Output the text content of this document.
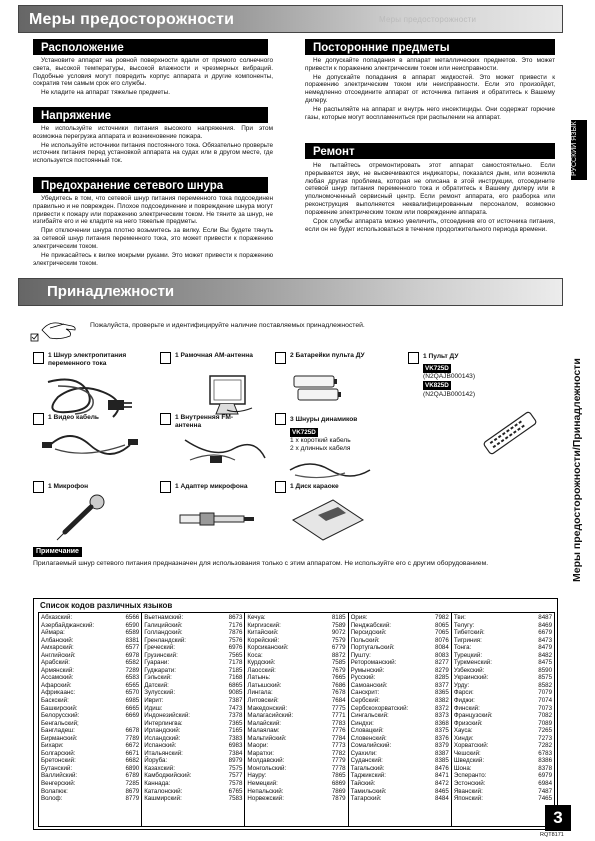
Меры предосторожности	Меры предосторожности
Расположение

Установите аппарат на ровной поверхности вдали от прямого солнечного света, высокой температуры, высокой влажности и чрезмерных вибраций. Подобные условия могут повредить корпус аппарата и другие компоненты, сократив тем самым срок его службы.

Не кладите на аппарат тяжелые предметы.

Напряжение

Не используйте источники питания высокого напряжения. При этом возможна перегрузка аппарата и возникновение пожара.

Не используйте источники питания постоянного тока. Обязательно проверьте источник питания перед установкой аппарата на судах или в другом месте, где используется постоянный ток.

Предохранение сетевого шнура

Убедитесь в том, что сетевой шнур питания переменного тока подсоединен правильно и не поврежден. Плохое подсоединение и повреждение шнура могут привести к пожару или поражению электрическим током. Не тяните за шнур, не изгибайте его и не кладите на него тяжелые предметы.

При отключении шнура плотно возьмитесь за вилку. Если Вы будете тянуть за сетевой шнур питания переменного тока, это может привести к поражению электрическим током.

Не прикасайтесь к вилке мокрыми руками. Это может привести к поражению электрическим током.

Посторонние предметы

Не допускайте попадания в аппарат металлических предметов. Это может привести к поражению электрическим током или неисправности.

Не допускайте попадания в аппарат жидкостей. Это может привести к поражению электрическим током или неисправности. Если это произойдет, немедленно отсоедините аппарат от источника питания и обратитесь к Вашему дилеру.

Не распыляйте на аппарат и внутрь него инсектициды. Они содержат горючие газы, которые могут воспламениться при распылении на аппарат.

Ремонт

Не пытайтесь отремонтировать этот аппарат самостоятельно. Если прерывается звук, не высвечиваются индикаторы, показался дым, или возникла любая другая проблема, которая не описана в этой инструкции, отсоедините сетевой шнур питания переменного тока и обратитесь к Вашему дилеру или в уполномоченный сервисный центр. Если ремонт аппарата, его разборка или реконструкция выполняется неквалифицированным персоналом, возможно поражение электрическим током или повреждение аппарата.

Срок службы аппарата можно увеличить, отсоединив его от источника питания, если он не будет использоваться в течение продолжительного периода времени.

РУССКИЙ ЯЗЫК
Меры предосторожности/Принадлежности
Принадлежности
Пожалуйста, проверьте и идентифицируйте наличие поставляемых принадлежностей.
1 Шнур электропитания переменного тока
1 Рамочная АМ-антенна	2 Батарейки пульта ДУ	1 Пульт ДУ
VK725D
(N2QAJB000143)
VK825D
(N2QAJB000142)
1 Видео кабель	1 Внутренняя FM-антенна
3 Шнуры динамиков
VK725D
1 х короткий кабель
2 х длинных кабеля
1 Микрофон	1 Адаптер микрофона	1 Диск караоке
Примечание
Прилагаемый шнур сетевого питания предназначен для использования только с этим аппаратом. Не используйте его с другим оборудованием.
Список кодов различных языков
Абхазский:	6566
Азербайджанский:	6590
Аймара:	6589
Албанский:	8381
Амхарский:	6577
Английский:	6978
Арабский:	6582
Армянский:	7289
Ассамский:	6583
Афарский:	6565
Африкаанс:	6570
Баскский:	6985
Башкирский:	6665
Белорусский:	6669
Бенгальский;
Бангладеш:	6678
Бирманский:	7789
Бихари:	6672
Болгарский:	6671
Бретонский:	6682
Бутанский:	6890
Валлийский:	6789
Венгерский:	7285
Волапюк:	8679
Волоф:	8779
Вьетнамский:	8673
Галицийский:	7176
Голландский:	7876
Гренландский:	7576
Греческий:	6976
Грузинский:	7565
Гуарани:	7178
Гуджарати:	7185
Гэльский:	7168
Датский:	6865
Зулусский:	9085
Иврит:	7387
Идиш:	7473
Индонезийский:	7378
Интерлингва:	7365
Ирландский:	7165
Исландский:	7383
Испанский:	6983
Итальянский:	7384
Йоруба:	8979
Казахский:	7575
Камбоджийский:	7577
Каннада:	7578
Каталонский:	6765
Кашмирский:	7583
Кечуа:	8185
Киргизский:	7589
Китайский:	9072
Корейский:	7579
Корсиканский:	6779
Коса:	8872
Курдский:	7585
Лаосский:	7679
Латынь:	7665
Латышский:	7686
Лингала:	7678
Литовский:	7684
Македонский:	7775
Малагасийский:	7771
Малайский:	7783
Малаялам:	7776
Мальтийский:	7784
Маори:	7773
Маратхи:	7782
Молдавский:	7779
Монгольский:	7778
Науру:	7865
Немецкий:	6869
Непальский:	7869
Норвежский:	7879
Ория:	7982
Пенджабский:	8065
Персидский:	7065
Польский:	8076
Португальский:	8084
Пушту:	8083
Ретороманский:	8277
Румынский:	8279
Русский:	8285
Самоанский:	8377
Санскрит:	8365
Сербский:	8382
Сербскохорватский:	8372
Сингальский:	8373
Синдхи:	8368
Словацкий:	8375
Словенский:	8376
Сомалийский:	8379
Суахили:	8387
Суданский:	8385
Тагальский:	8476
Таджикский:	8471
Тайский:	8472
Тамильский:	8465
Татарский:	8484
Тви:	8487
Телугу:	8469
Тибетский:	6679
Тигриния:	8473
Тонга:	8479
Турецкий:	8482
Туркменский:	8475
Узбекский:	8590
Украинский:	8575
Урду:	8582
Фарси:	7079
Фиджи:	7074
Финский:	7073
Французский:	7082
Фризский:	7089
Хауса:	7265
Хинди:	7273
Хорватский:	7282
Чешский:	6783
Шведский:	8386
Шона:	8378
Эсперанто:	6979
Эстонский:	6984
Яванский:	7487
Японский:	7465
3
RQT8171
